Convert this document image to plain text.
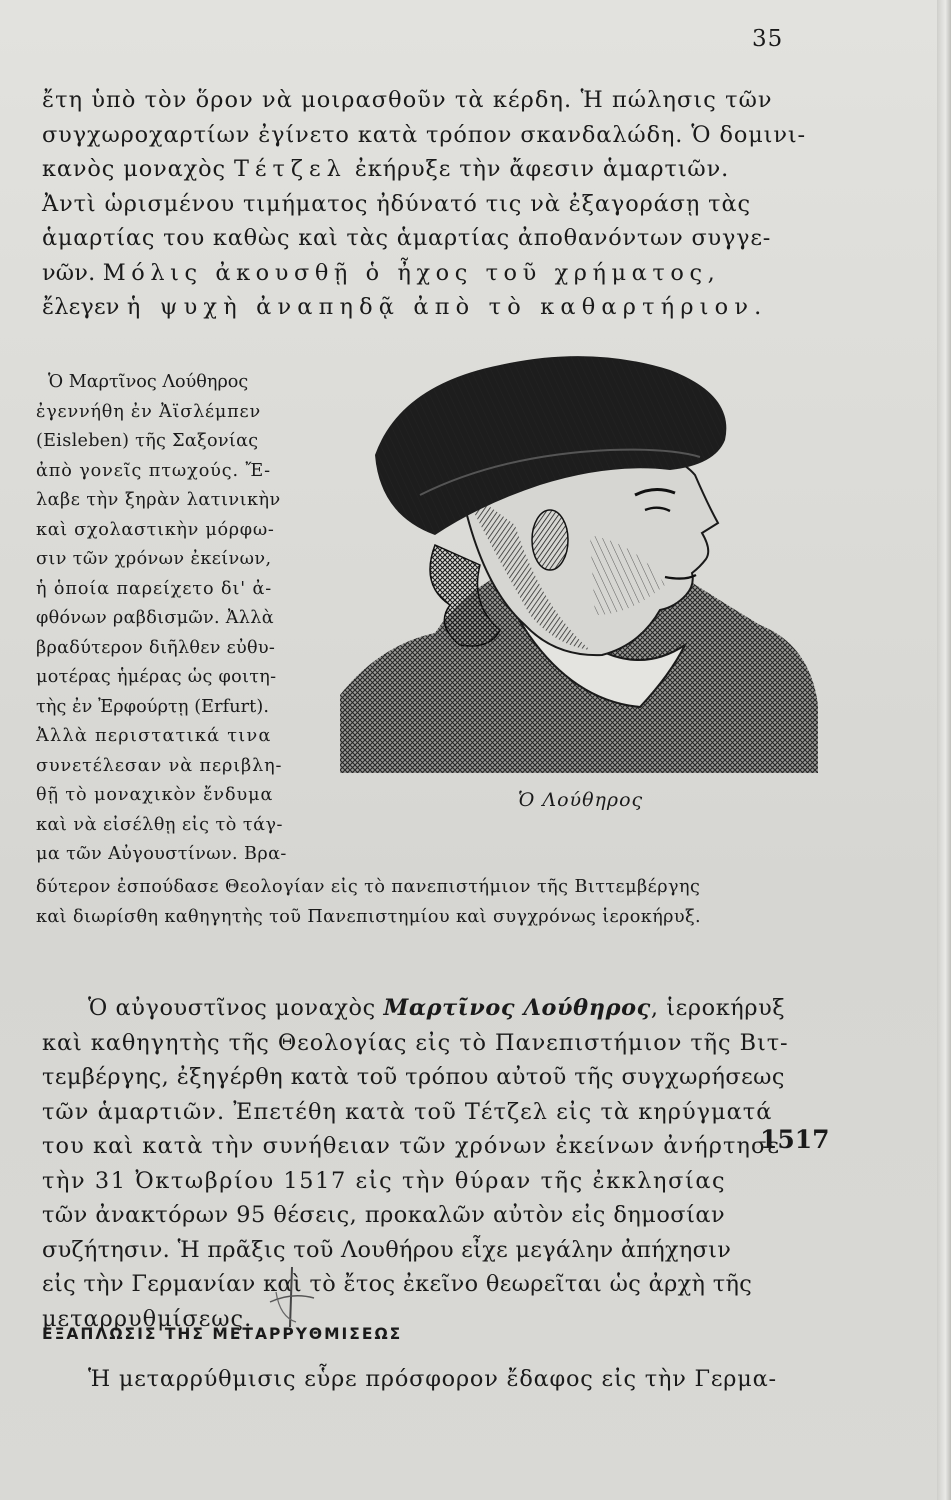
35
ἔτη ὑπὸ τὸν ὅρον νὰ μοιρασθοῦν τὰ κέρδη. Ἡ πώλησις τῶν
συγχωροχαρτίων ἐγίνετο κατὰ τρόπον σκανδαλώδη. Ὁ δομινι-
κανὸς μοναχὸς Τέτζελ ἐκήρυξε τὴν ἄφεσιν ἁμαρτιῶν.
Ἀντὶ ὡρισμένου τιμήματος ἠδύνατό τις νὰ ἐξαγοράσῃ τὰς
ἁμαρτίας του καθὼς καὶ τὰς ἁμαρτίας ἀποθανόντων συγγε-
νῶν. Μόλις ἀκουσθῇ ὁ ἦχος τοῦ χρήματος,
ἔλεγεν ἡ ψυχὴ ἀναπηδᾷ ἀπὸ τὸ καθαρτήριον.
Ὁ Μαρτῖνος Λούθηρος
ἐγεννήθη ἐν Ἀϊσλέμπεν
(Eisleben) τῆς Σαξονίας
ἀπὸ γονεῖς πτωχούς. Ἔ-
λαβε τὴν ξηρὰν λατινικὴν
καὶ σχολαστικὴν μόρφω-
σιν τῶν χρόνων ἐκείνων,
ἡ ὁποία παρείχετο δι' ἀ-
φθόνων ραβδισμῶν. Ἀλλὰ
βραδύτερον διῆλθεν εὐθυ-
μοτέρας ἡμέρας ὡς φοιτη-
τὴς ἐν Ἐρφούρτῃ (Erfurt).
Ἀλλὰ περιστατικά τινα
συνετέλεσαν νὰ περιβλη-
θῇ τὸ μοναχικὸν ἔνδυμα
καὶ νὰ εἰσέλθῃ εἰς τὸ τάγ-
μα τῶν Αὐγουστίνων. Βρα-
δύτερον ἐσπούδασε Θεολογίαν εἰς τὸ πανεπιστήμιον τῆς Βιττεμβέργης
καὶ διωρίσθη καθηγητὴς τοῦ Πανεπιστημίου καὶ συγχρόνως ἱεροκήρυξ.
Ὁ Λούθηρος
Ὁ αὐγουστῖνος μοναχὸς Μαρτῖνος Λούθηρος, ἱεροκήρυξ
καὶ καθηγητὴς τῆς Θεολογίας εἰς τὸ Πανεπιστήμιον τῆς Βιτ-
τεμβέργης, ἐξηγέρθη κατὰ τοῦ τρόπου αὐτοῦ τῆς συγχωρήσεως
τῶν ἁμαρτιῶν. Ἐπετέθη κατὰ τοῦ Τέτζελ εἰς τὰ κηρύγματά
του καὶ κατὰ τὴν συνήθειαν τῶν χρόνων ἐκείνων ἀνήρτησε
τὴν 31 Ὀκτωβρίου 1517 εἰς τὴν θύραν τῆς ἐκκλησίας
τῶν ἀνακτόρων 95 θέσεις, προκαλῶν αὐτὸν εἰς δημοσίαν
συζήτησιν. Ἡ πρᾶξις τοῦ Λουθήρου εἶχε μεγάλην ἀπήχησιν
εἰς τὴν Γερμανίαν καὶ τὸ ἔτος ἐκεῖνο θεωρεῖται ὡς ἀρχὴ τῆς
μεταρρυθμίσεως.
1517
ΕΞΑΠΛΩΣΙΣ ΤΗΣ ΜΕΤΑΡΡΥΘΜΙΣΕΩΣ
Ἡ μεταρρύθμισις εὗρε πρόσφορον ἔδαφος εἰς τὴν Γερμα-
